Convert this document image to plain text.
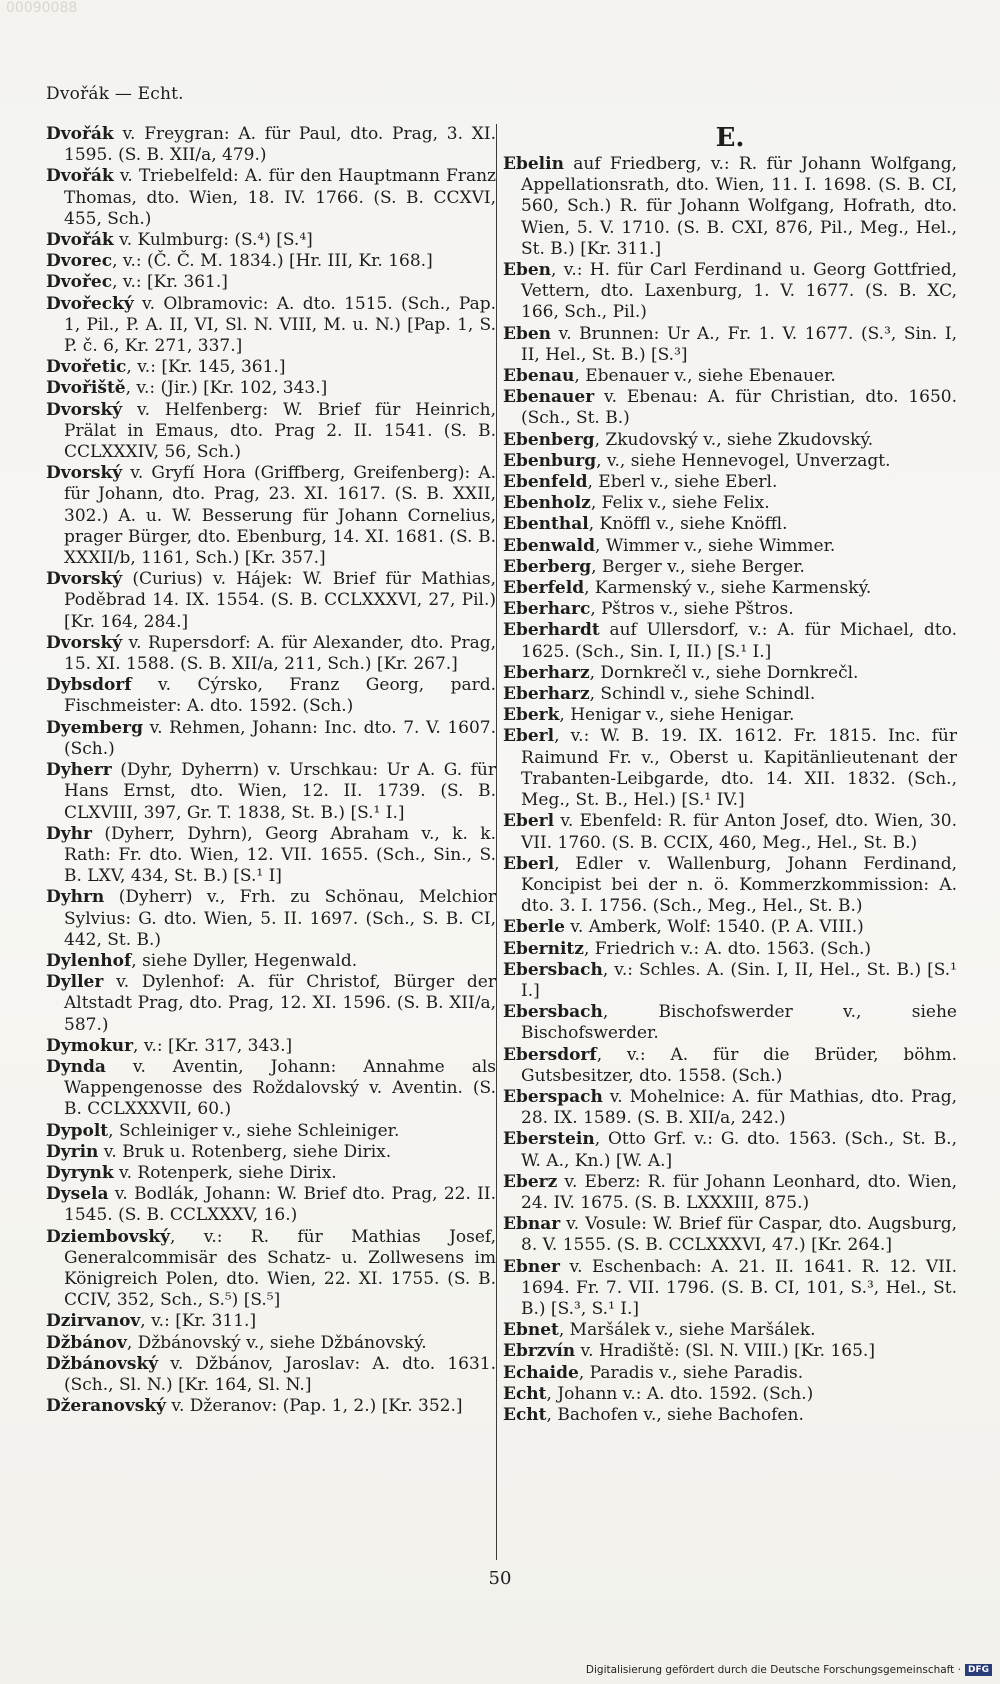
00090088
Dvořák — Echt.

Dvořák v. Freygran: A. für Paul, dto. Prag, 3. XI. 1595. (S. B. XII/a, 479.)

Dvořák v. Triebelfeld: A. für den Hauptmann Franz Thomas, dto. Wien, 18. IV. 1766. (S. B. CCXVI, 455, Sch.)

Dvořák v. Kulmburg: (S.⁴) [S.⁴]

Dvorec, v.: (Č. Č. M. 1834.) [Hr. III, Kr. 168.]

Dvořec, v.: [Kr. 361.]

Dvořecký v. Olbramovic: A. dto. 1515. (Sch., Pap. 1, Pil., P. A. II, VI, Sl. N. VIII, M. u. N.) [Pap. 1, S. P. č. 6, Kr. 271, 337.]

Dvořetic, v.: [Kr. 145, 361.]

Dvořiště, v.: (Jir.) [Kr. 102, 343.]

Dvorský v. Helfenberg: W. Brief für Heinrich, Prälat in Emaus, dto. Prag 2. II. 1541. (S. B. CCLXXXIV, 56, Sch.)

Dvorský v. Gryfí Hora (Griffberg, Greifenberg): A. für Johann, dto. Prag, 23. XI. 1617. (S. B. XXII, 302.) A. u. W. Besserung für Johann Cornelius, prager Bürger, dto. Ebenburg, 14. XI. 1681. (S. B. XXXII/b, 1161, Sch.) [Kr. 357.]

Dvorský (Curius) v. Hájek: W. Brief für Mathias, Poděbrad 14. IX. 1554. (S. B. CCLXXXVI, 27, Pil.) [Kr. 164, 284.]

Dvorský v. Rupersdorf: A. für Alexander, dto. Prag, 15. XI. 1588. (S. B. XII/a, 211, Sch.) [Kr. 267.]

Dybsdorf v. Cýrsko, Franz Georg, pard. Fischmeister: A. dto. 1592. (Sch.)

Dyemberg v. Rehmen, Johann: Inc. dto. 7. V. 1607. (Sch.)

Dyherr (Dyhr, Dyherrn) v. Urschkau: Ur A. G. für Hans Ernst, dto. Wien, 12. II. 1739. (S. B. CLXVIII, 397, Gr. T. 1838, St. B.) [S.¹ I.]

Dyhr (Dyherr, Dyhrn), Georg Abraham v., k. k. Rath: Fr. dto. Wien, 12. VII. 1655. (Sch., Sin., S. B. LXV, 434, St. B.) [S.¹ I]

Dyhrn (Dyherr) v., Frh. zu Schönau, Melchior Sylvius: G. dto. Wien, 5. II. 1697. (Sch., S. B. CI, 442, St. B.)

Dylenhof, siehe Dyller, Hegenwald.

Dyller v. Dylenhof: A. für Christof, Bürger der Altstadt Prag, dto. Prag, 12. XI. 1596. (S. B. XII/a, 587.)

Dymokur, v.: [Kr. 317, 343.]

Dynda v. Aventin, Johann: Annahme als Wappengenosse des Roždalovský v. Aventin. (S. B. CCLXXXVII, 60.)

Dypolt, Schleiniger v., siehe Schleiniger.

Dyrin v. Bruk u. Rotenberg, siehe Dirix.

Dyrynk v. Rotenperk, siehe Dirix.

Dysela v. Bodlák, Johann: W. Brief dto. Prag, 22. II. 1545. (S. B. CCLXXXV, 16.)

Dziembovský, v.: R. für Mathias Josef, Generalcommisär des Schatz- u. Zollwesens im Königreich Polen, dto. Wien, 22. XI. 1755. (S. B. CCIV, 352, Sch., S.⁵) [S.⁵]

Dzirvanov, v.: [Kr. 311.]

Džbánov, Džbánovský v., siehe Džbánovský.

Džbánovský v. Džbánov, Jaroslav: A. dto. 1631. (Sch., Sl. N.) [Kr. 164, Sl. N.]

Džeranovský v. Džeranov: (Pap. 1, 2.) [Kr. 352.]

E.

Ebelin auf Friedberg, v.: R. für Johann Wolfgang, Appellationsrath, dto. Wien, 11. I. 1698. (S. B. CI, 560, Sch.) R. für Johann Wolfgang, Hofrath, dto. Wien, 5. V. 1710. (S. B. CXI, 876, Pil., Meg., Hel., St. B.) [Kr. 311.]

Eben, v.: H. für Carl Ferdinand u. Georg Gottfried, Vettern, dto. Laxenburg, 1. V. 1677. (S. B. XC, 166, Sch., Pil.)

Eben v. Brunnen: Ur A., Fr. 1. V. 1677. (S.³, Sin. I, II, Hel., St. B.) [S.³]

Ebenau, Ebenauer v., siehe Ebenauer.

Ebenauer v. Ebenau: A. für Christian, dto. 1650. (Sch., St. B.)

Ebenberg, Zkudovský v., siehe Zkudovský.

Ebenburg, v., siehe Hennevogel, Unverzagt.

Ebenfeld, Eberl v., siehe Eberl.

Ebenholz, Felix v., siehe Felix.

Ebenthal, Knöffl v., siehe Knöffl.

Ebenwald, Wimmer v., siehe Wimmer.

Eberberg, Berger v., siehe Berger.

Eberfeld, Karmenský v., siehe Karmenský.

Eberharc, Pštros v., siehe Pštros.

Eberhardt auf Ullersdorf, v.: A. für Michael, dto. 1625. (Sch., Sin. I, II.) [S.¹ I.]

Eberharz, Dornkrečl v., siehe Dornkrečl.

Eberharz, Schindl v., siehe Schindl.

Eberk, Henigar v., siehe Henigar.

Eberl, v.: W. B. 19. IX. 1612. Fr. 1815. Inc. für Raimund Fr. v., Oberst u. Kapitänlieutenant der Trabanten-Leibgarde, dto. 14. XII. 1832. (Sch., Meg., St. B., Hel.) [S.¹ IV.]

Eberl v. Ebenfeld: R. für Anton Josef, dto. Wien, 30. VII. 1760. (S. B. CCIX, 460, Meg., Hel., St. B.)

Eberl, Edler v. Wallenburg, Johann Ferdinand, Koncipist bei der n. ö. Kommerzkommission: A. dto. 3. I. 1756. (Sch., Meg., Hel., St. B.)

Eberle v. Amberk, Wolf: 1540. (P. A. VIII.)

Ebernitz, Friedrich v.: A. dto. 1563. (Sch.)

Ebersbach, v.: Schles. A. (Sin. I, II, Hel., St. B.) [S.¹ I.]

Ebersbach, Bischofswerder v., siehe Bischofswerder.

Ebersdorf, v.: A. für die Brüder, böhm. Gutsbesitzer, dto. 1558. (Sch.)

Eberspach v. Mohelnice: A. für Mathias, dto. Prag, 28. IX. 1589. (S. B. XII/a, 242.)

Eberstein, Otto Grf. v.: G. dto. 1563. (Sch., St. B., W. A., Kn.) [W. A.]

Eberz v. Eberz: R. für Johann Leonhard, dto. Wien, 24. IV. 1675. (S. B. LXXXIII, 875.)

Ebnar v. Vosule: W. Brief für Caspar, dto. Augsburg, 8. V. 1555. (S. B. CCLXXXVI, 47.) [Kr. 264.]

Ebner v. Eschenbach: A. 21. II. 1641. R. 12. VII. 1694. Fr. 7. VII. 1796. (S. B. CI, 101, S.³, Hel., St. B.) [S.³, S.¹ I.]

Ebnet, Maršálek v., siehe Maršálek.

Ebrzvín v. Hradiště: (Sl. N. VIII.) [Kr. 165.]

Echaide, Paradis v., siehe Paradis.

Echt, Johann v.: A. dto. 1592. (Sch.)

Echt, Bachofen v., siehe Bachofen.

50
Digitalisierung gefördert durch die Deutsche Forschungsgemeinschaft · DFG
